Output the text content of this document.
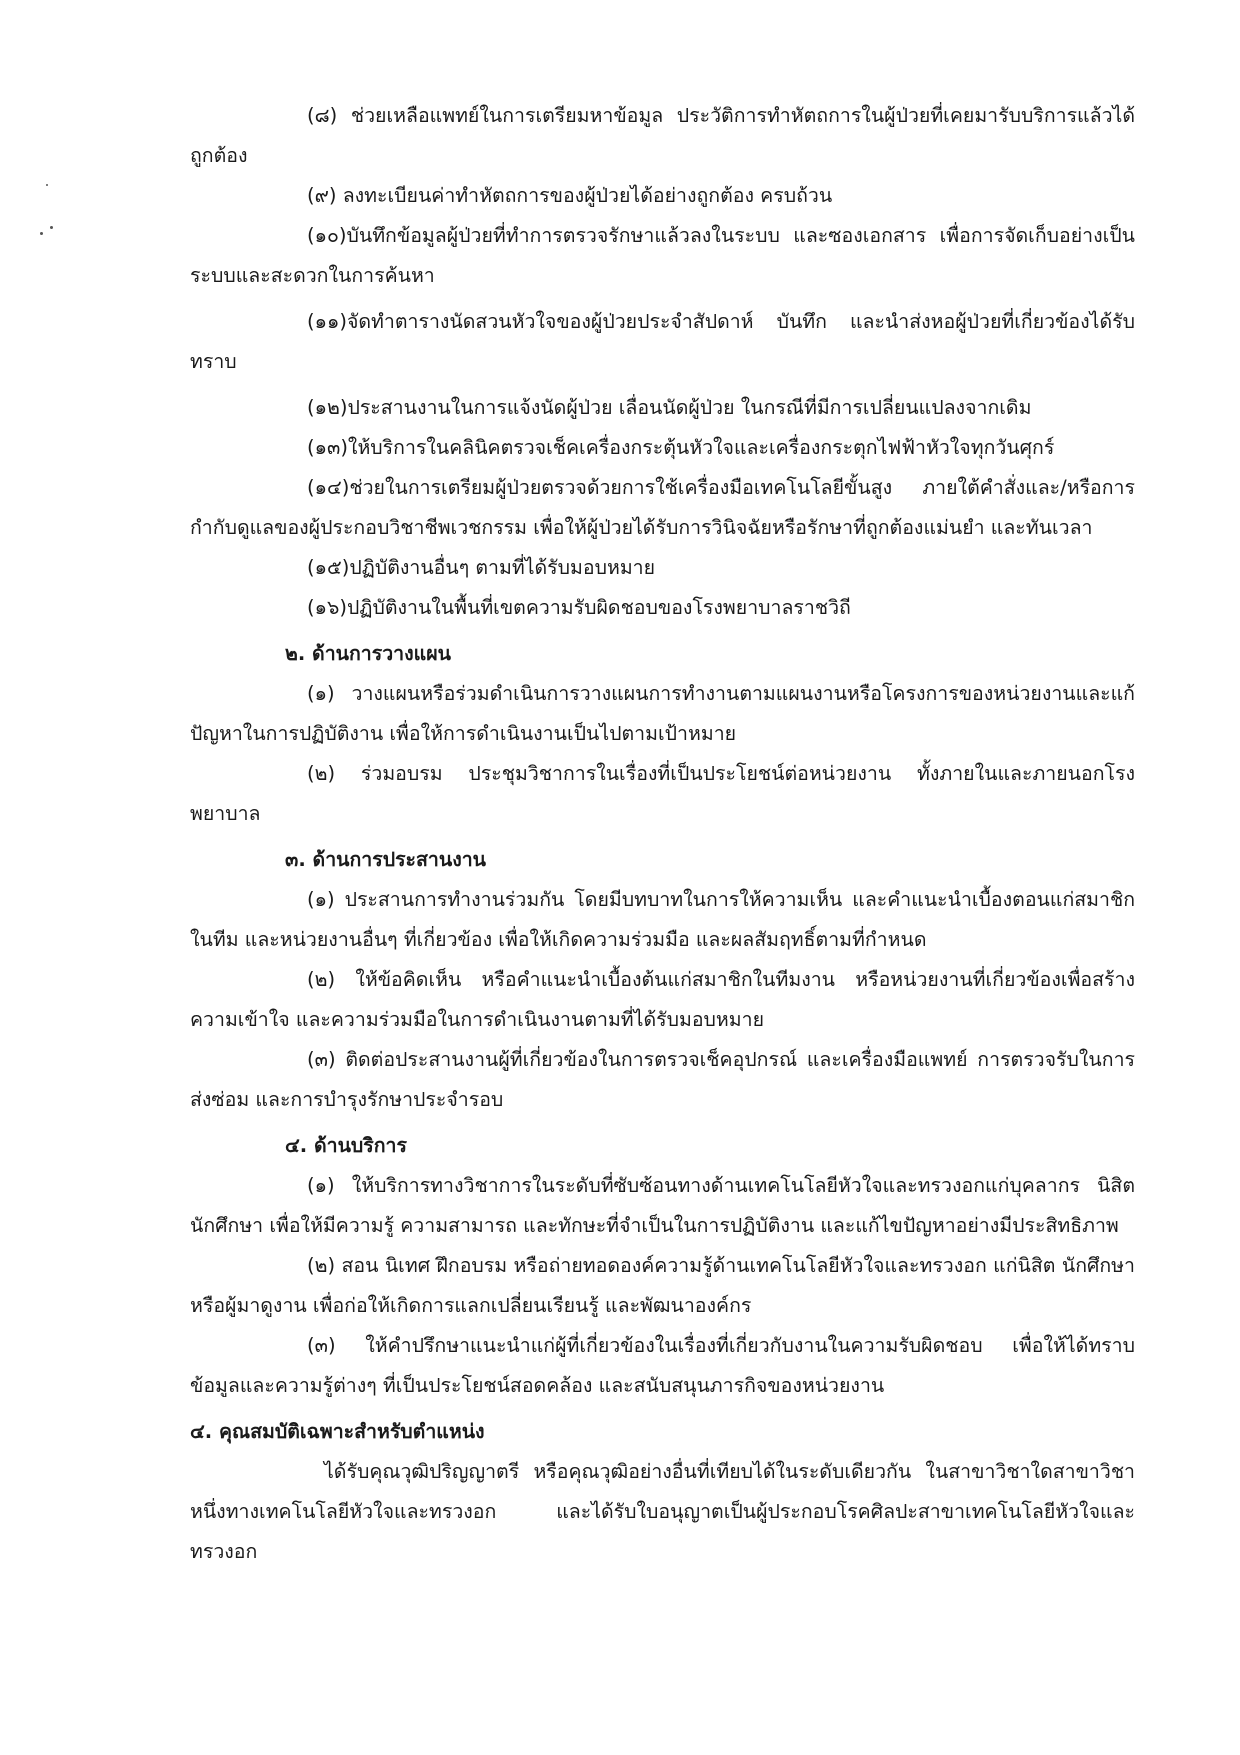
(๘) ช่วยเหลือแพทย์ในการเตรียมหาข้อมูล ประวัติการทำหัตถการในผู้ป่วยที่เคยมารับบริการแล้วได้ถูกต้อง

(๙) ลงทะเบียนค่าทำหัตถการของผู้ป่วยได้อย่างถูกต้อง ครบถ้วน

(๑๐)บันทึกข้อมูลผู้ป่วยที่ทำการตรวจรักษาแล้วลงในระบบ และซองเอกสาร เพื่อการจัดเก็บอย่างเป็นระบบและสะดวกในการค้นหา

(๑๑)จัดทำตารางนัดสวนหัวใจของผู้ป่วยประจำสัปดาห์ บันทึก และนำส่งหอผู้ป่วยที่เกี่ยวข้องได้รับทราบ

(๑๒)ประสานงานในการแจ้งนัดผู้ป่วย เลื่อนนัดผู้ป่วย ในกรณีที่มีการเปลี่ยนแปลงจากเดิม

(๑๓)ให้บริการในคลินิคตรวจเช็คเครื่องกระตุ้นหัวใจและเครื่องกระตุกไฟฟ้าหัวใจทุกวันศุกร์

(๑๔)ช่วยในการเตรียมผู้ป่วยตรวจด้วยการใช้เครื่องมือเทคโนโลยีขั้นสูง ภายใต้คำสั่งและ/หรือการกำกับดูแลของผู้ประกอบวิชาชีพเวชกรรม เพื่อให้ผู้ป่วยได้รับการวินิจฉัยหรือรักษาที่ถูกต้องแม่นยำ และทันเวลา

(๑๕)ปฏิบัติงานอื่นๆ ตามที่ได้รับมอบหมาย

(๑๖)ปฏิบัติงานในพื้นที่เขตความรับผิดชอบของโรงพยาบาลราชวิถี

๒. ด้านการวางแผน

(๑) วางแผนหรือร่วมดำเนินการวางแผนการทำงานตามแผนงานหรือโครงการของหน่วยงานและแก้ปัญหาในการปฏิบัติงาน เพื่อให้การดำเนินงานเป็นไปตามเป้าหมาย

(๒) ร่วมอบรม ประชุมวิชาการในเรื่องที่เป็นประโยชน์ต่อหน่วยงาน ทั้งภายในและภายนอกโรงพยาบาล

๓. ด้านการประสานงาน

(๑) ประสานการทำงานร่วมกัน โดยมีบทบาทในการให้ความเห็น และคำแนะนำเบื้องตอนแก่สมาชิกในทีม และหน่วยงานอื่นๆ ที่เกี่ยวข้อง เพื่อให้เกิดความร่วมมือ และผลสัมฤทธิ์ตามที่กำหนด

(๒) ให้ข้อคิดเห็น หรือคำแนะนำเบื้องต้นแก่สมาชิกในทีมงาน หรือหน่วยงานที่เกี่ยวข้องเพื่อสร้างความเข้าใจ และความร่วมมือในการดำเนินงานตามที่ได้รับมอบหมาย

(๓) ติดต่อประสานงานผู้ที่เกี่ยวข้องในการตรวจเช็คอุปกรณ์ และเครื่องมือแพทย์ การตรวจรับในการส่งซ่อม และการบำรุงรักษาประจำรอบ

๔. ด้านบริการ

(๑) ให้บริการทางวิชาการในระดับที่ซับซ้อนทางด้านเทคโนโลยีหัวใจและทรวงอกแก่บุคลากร นิสิต นักศึกษา เพื่อให้มีความรู้ ความสามารถ และทักษะที่จำเป็นในการปฏิบัติงาน และแก้ไขปัญหาอย่างมีประสิทธิภาพ

(๒) สอน นิเทศ ฝึกอบรม หรือถ่ายทอดองค์ความรู้ด้านเทคโนโลยีหัวใจและทรวงอก แก่นิสิต นักศึกษา หรือผู้มาดูงาน เพื่อก่อให้เกิดการแลกเปลี่ยนเรียนรู้ และพัฒนาองค์กร

(๓) ให้คำปรึกษาแนะนำแก่ผู้ที่เกี่ยวข้องในเรื่องที่เกี่ยวกับงานในความรับผิดชอบ เพื่อให้ได้ทราบข้อมูลและความรู้ต่างๆ ที่เป็นประโยชน์สอดคล้อง และสนับสนุนภารกิจของหน่วยงาน

๔. คุณสมบัติเฉพาะสำหรับตำแหน่ง

ได้รับคุณวุฒิปริญญาตรี หรือคุณวุฒิอย่างอื่นที่เทียบได้ในระดับเดียวกัน ในสาขาวิชาใดสาขาวิชาหนึ่งทางเทคโนโลยีหัวใจและทรวงอก และได้รับใบอนุญาตเป็นผู้ประกอบโรคศิลปะสาขาเทคโนโลยีหัวใจและทรวงอก
